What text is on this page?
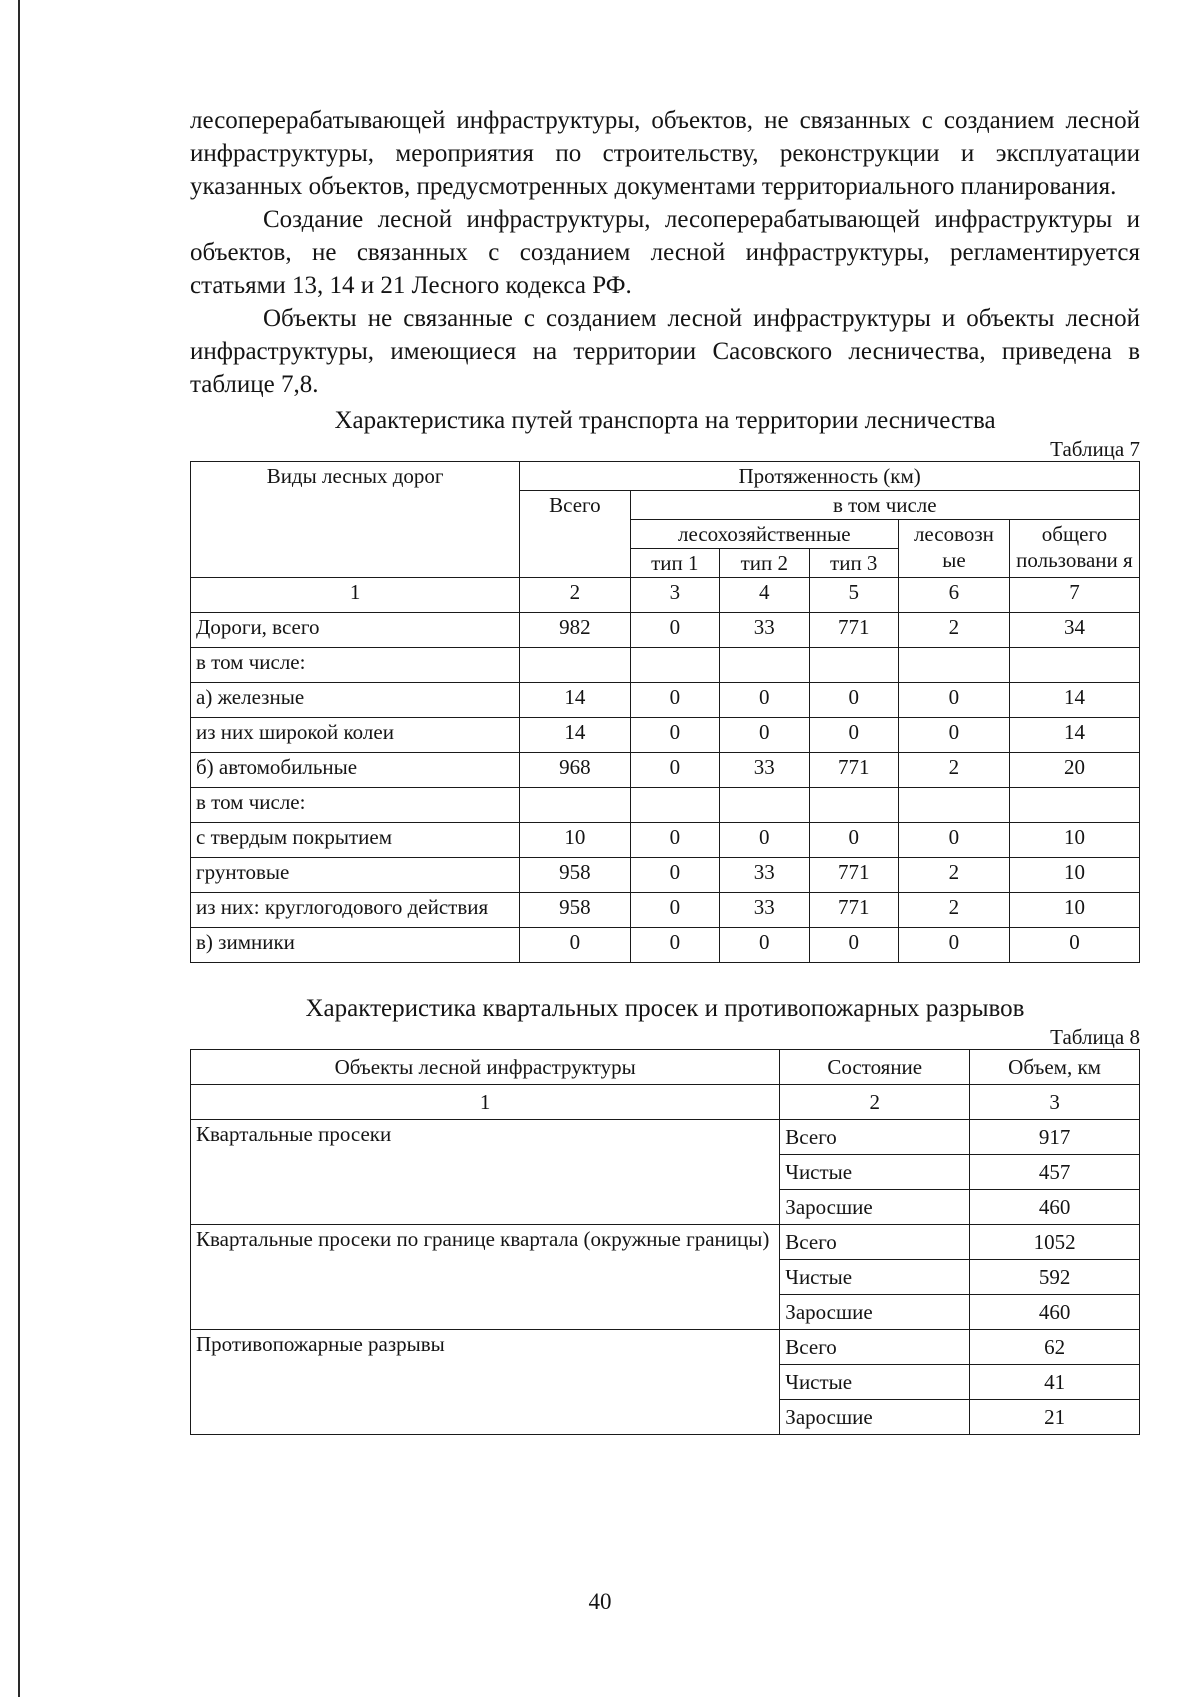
лесоперерабатывающей инфраструктуры, объектов, не связанных с созданием лесной инфраструктуры, мероприятия по строительству, реконструкции и эксплуатации указанных объектов, предусмотренных документами территориального планирования.

Создание лесной инфраструктуры, лесоперерабатывающей инфраструктуры и объектов, не связанных с созданием лесной инфраструктуры, регламентируется статьями 13, 14 и 21 Лесного кодекса РФ.

Объекты не связанные с созданием лесной инфраструктуры и объекты лесной инфраструктуры, имеющиеся на территории Сасовского лесничества, приведена в таблице 7,8.

Характеристика путей транспорта на территории лесничества
Таблица 7
Виды лесных дорог	Протяженность (км)					
	Всего	в том числе				
		лесохозяйственные			лесовозн ые	общего пользовани я
		тип 1	тип 2	тип 3		
1	2	3	4	5	6	7
Дороги, всего	982	0	33	771	2	34
в том числе:						
а) железные	14	0	0	0	0	14
из них широкой колеи	14	0	0	0	0	14
б) автомобильные	968	0	33	771	2	20
в том числе:						
с твердым покрытием	10	0	0	0	0	10
грунтовые	958	0	33	771	2	10
из них: круглогодового действия	958	0	33	771	2	10
в) зимники	0	0	0	0	0	0
Характеристика квартальных просек и противопожарных разрывов
Таблица 8
Объекты лесной инфраструктуры	Состояние	Объем, км
1	2	3
Квартальные просеки	Всего	917
	Чистые	457
	Заросшие	460
Квартальные просеки по границе квартала (окружные границы)	Всего	1052
	Чистые	592
	Заросшие	460
Противопожарные разрывы	Всего	62
	Чистые	41
	Заросшие	21
40
